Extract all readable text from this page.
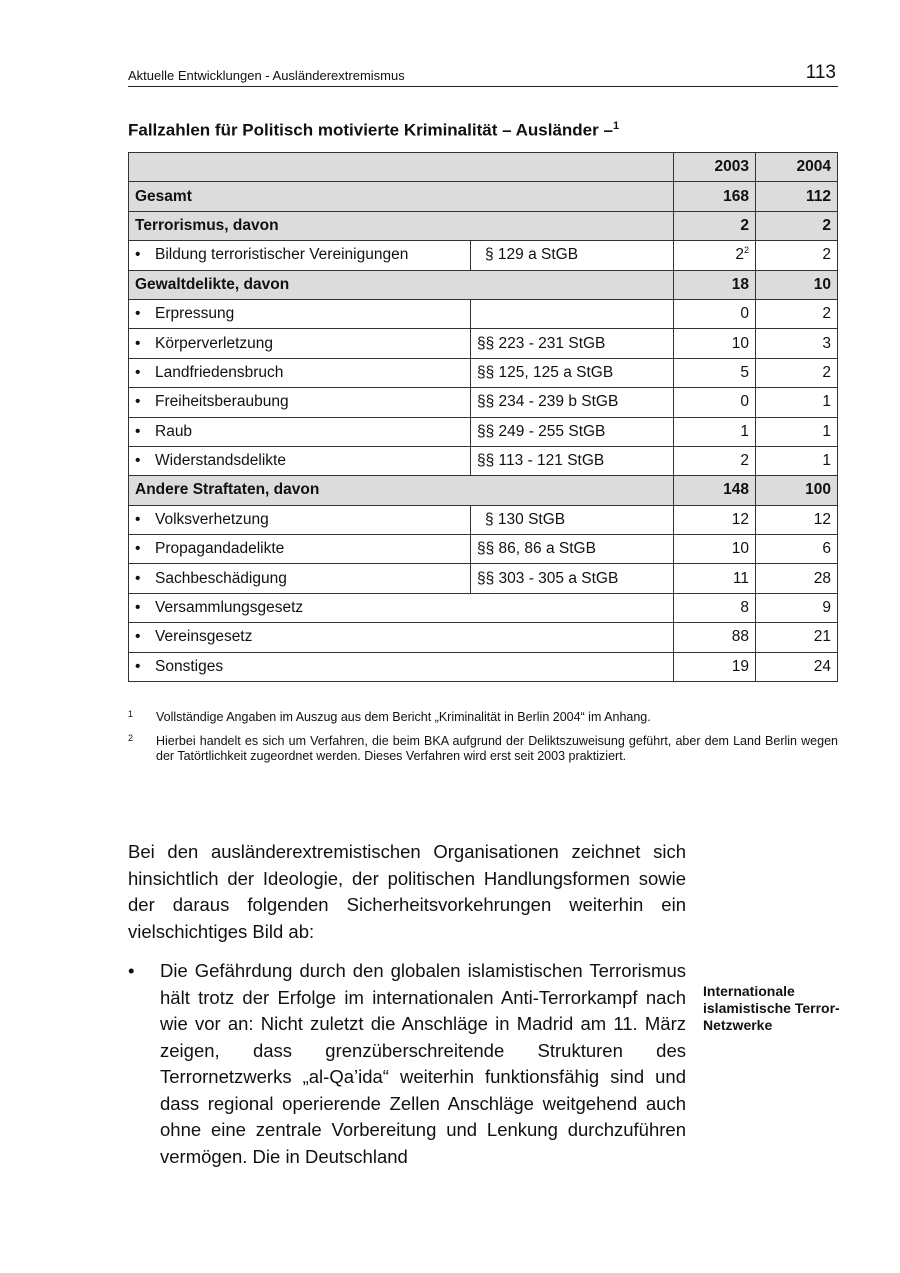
Aktuelle Entwicklungen - Ausländerextremismus	113
Fallzahlen für Politisch motivierte Kriminalität – Ausländer –$^1$
		2003	2004
Gesamt		168	112
Terrorismus, davon		2	2
• Bildung terroristischer Vereinigungen	§ 129 a StGB	2$^2$	2
Gewaltdelikte, davon		18	10
• Erpressung		0	2
• Körperverletzung	§§ 223 - 231 StGB	10	3
• Landfriedensbruch	§§ 125, 125 a StGB	5	2
• Freiheitsberaubung	§§ 234 - 239 b StGB	0	1
• Raub	§§ 249 - 255 StGB	1	1
• Widerstandsdelikte	§§ 113 - 121 StGB	2	1
Andere Straftaten, davon		148	100
• Volksverhetzung	§ 130 StGB	12	12
• Propagandadelikte	§§ 86, 86 a StGB	10	6
• Sachbeschädigung	§§ 303 - 305 a StGB	11	28
• Versammlungsgesetz		8	9
• Vereinsgesetz		88	21
• Sonstiges		19	24
1 Vollständige Angaben im Auszug aus dem Bericht „Kriminalität in Berlin 2004“ im Anhang.
2 Hierbei handelt es sich um Verfahren, die beim BKA aufgrund der Deliktszuweisung geführt, aber dem Land Berlin wegen der Tatörtlichkeit zugeordnet werden. Dieses Verfahren wird erst seit 2003 praktiziert.
Bei den ausländerextremistischen Organisationen zeichnet sich hinsichtlich der Ideologie, der politischen Handlungsformen sowie der daraus folgenden Sicherheitsvorkehrungen weiterhin ein vielschichtiges Bild ab:
• Die Gefährdung durch den globalen islamistischen Terrorismus hält trotz der Erfolge im internationalen Anti-Terrorkampf nach wie vor an: Nicht zuletzt die Anschläge in Madrid am 11. März zeigen, dass grenzüberschreitende Strukturen des Terrornetzwerks „al-Qa’ida“ weiterhin funktionsfähig sind und dass regional operierende Zellen Anschläge weitgehend auch ohne eine zentrale Vorbereitung und Lenkung durchzuführen vermögen. Die in Deutschland
Internationale islamistische Terror-Netzwerke
